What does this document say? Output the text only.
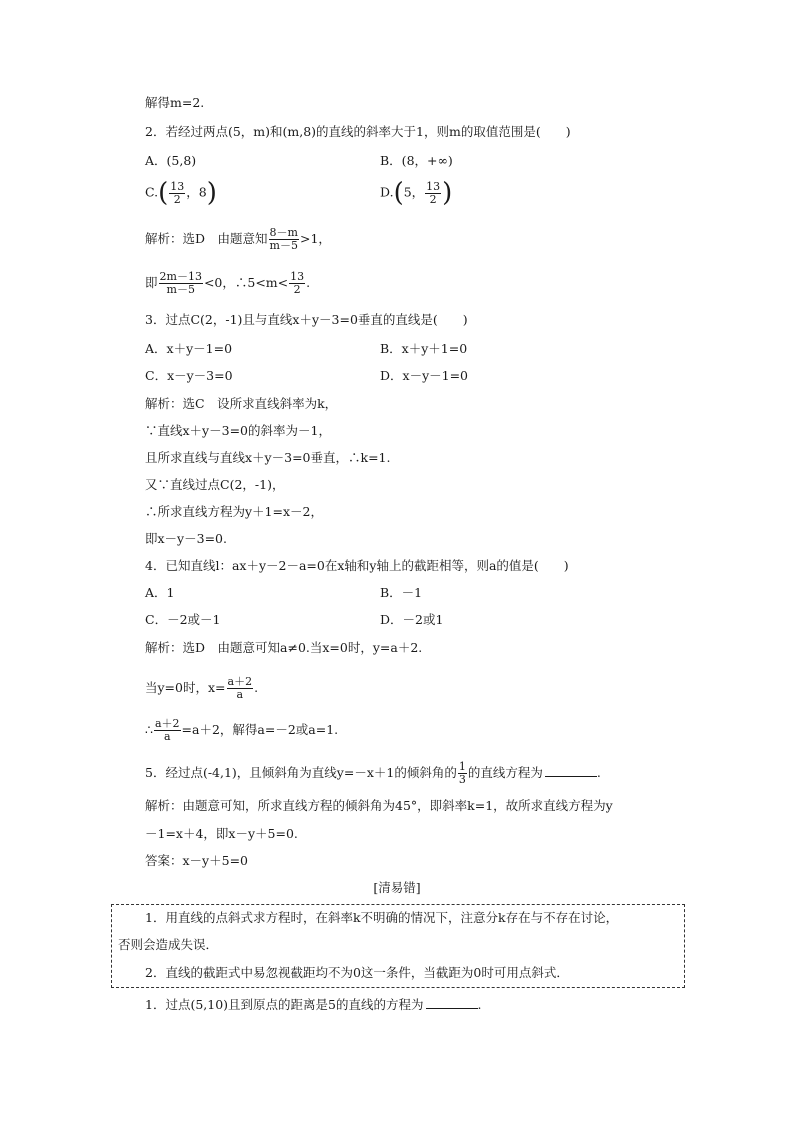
解得m=2.
2．若经过两点(5，m)和(m,8)的直线的斜率大于1，则m的取值范围是(　　)
A．(5,8)	B．(8，+∞)
$C.( \frac{13}{2}$ ，8)	D.(5， $\frac{13}{2}$ )
解析：选D　由题意知 $\frac{8-m}{m-5} >1$，
即 $\frac{2m-13}{m-5} <0$，∴5<m< $\frac{13}{2}$ .
3．过点C(2，-1)且与直线x＋y－3=0垂直的直线是(　　)
A．x＋y－1=0	B．x＋y＋1=0
C．x－y－3=0	D．x－y－1=0
解析：选C　设所求直线斜率为k，
∵直线x＋y－3=0的斜率为－1，
且所求直线与直线x＋y－3=0垂直，∴k=1.
又∵直线过点C(2，-1)，
∴所求直线方程为y＋1=x－2，
即x－y－3=0.
4．已知直线l：ax＋y－2－a=0在x轴和y轴上的截距相等，则a的值是(　　)
A．1	B．－1
C．－2或－1	D．－2或1
解析：选D　由题意可知a≠0.当x=0时，y=a＋2.
当y=0时，$x= \frac{a+2}{a}$ .
∴ $\frac{a+2}{a} =a+2$，解得a=－2或a=1.
5．经过点(-4,1)，且倾斜角为直线y=－x＋1的倾斜角的 $\frac{1}{3}$ 的直线方程为	.
解析：由题意可知，所求直线方程的倾斜角为45°，即斜率k=1，故所求直线方程为y
－1=x＋4，即x－y＋5=0.
答案：x－y＋5=0
[清易错]
1．用直线的点斜式求方程时，在斜率k不明确的情况下，注意分k存在与不存在讨论，
否则会造成失误．
2．直线的截距式中易忽视截距均不为0这一条件，当截距为0时可用点斜式．
1．过点(5,10)且到原点的距离是5的直线的方程为	.
